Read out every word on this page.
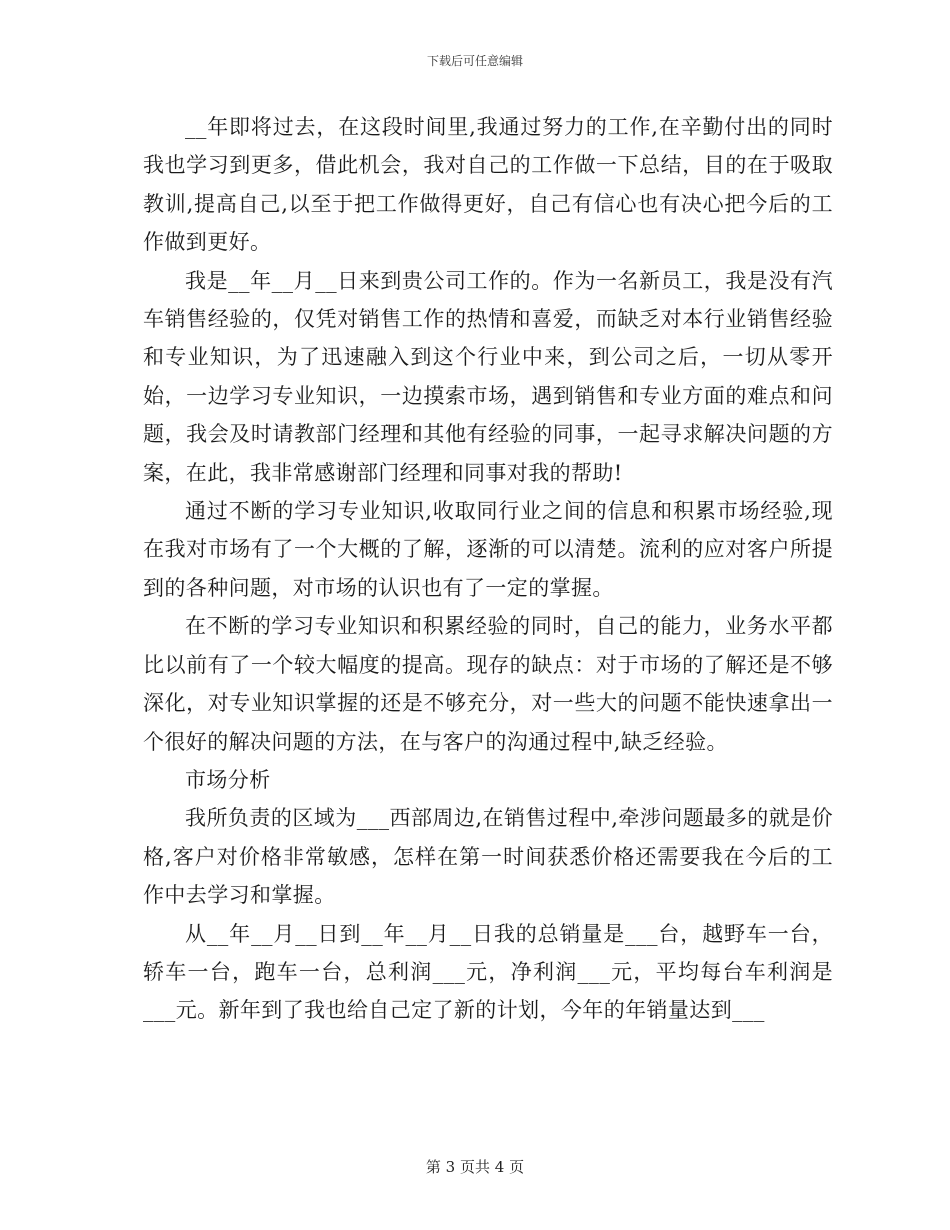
下载后可任意编辑

__年即将过去，在这段时间里,我通过努力的工作,在辛勤付出的同时我也学习到更多，借此机会，我对自己的工作做一下总结，目的在于吸取教训,提高自己,以至于把工作做得更好，自己有信心也有决心把今后的工作做到更好。

我是__年__月__日来到贵公司工作的。作为一名新员工，我是没有汽车销售经验的，仅凭对销售工作的热情和喜爱，而缺乏对本行业销售经验和专业知识，为了迅速融入到这个行业中来，到公司之后，一切从零开始，一边学习专业知识，一边摸索市场，遇到销售和专业方面的难点和问题，我会及时请教部门经理和其他有经验的同事，一起寻求解决问题的方案，在此，我非常感谢部门经理和同事对我的帮助!

通过不断的学习专业知识,收取同行业之间的信息和积累市场经验,现在我对市场有了一个大概的了解，逐渐的可以清楚。流利的应对客户所提到的各种问题，对市场的认识也有了一定的掌握。

在不断的学习专业知识和积累经验的同时，自己的能力，业务水平都比以前有了一个较大幅度的提高。现存的缺点：对于市场的了解还是不够深化，对专业知识掌握的还是不够充分，对一些大的问题不能快速拿出一个很好的解决问题的方法，在与客户的沟通过程中,缺乏经验。

市场分析

我所负责的区域为___西部周边,在销售过程中,牵涉问题最多的就是价格,客户对价格非常敏感，怎样在第一时间获悉价格还需要我在今后的工作中去学习和掌握。

从__年__月__日到__年__月__日我的总销量是___台，越野车一台，轿车一台，跑车一台，总利润___元，净利润___元，平均每台车利润是___元。新年到了我也给自己定了新的计划，今年的年销量达到___

第 3 页共 4 页
